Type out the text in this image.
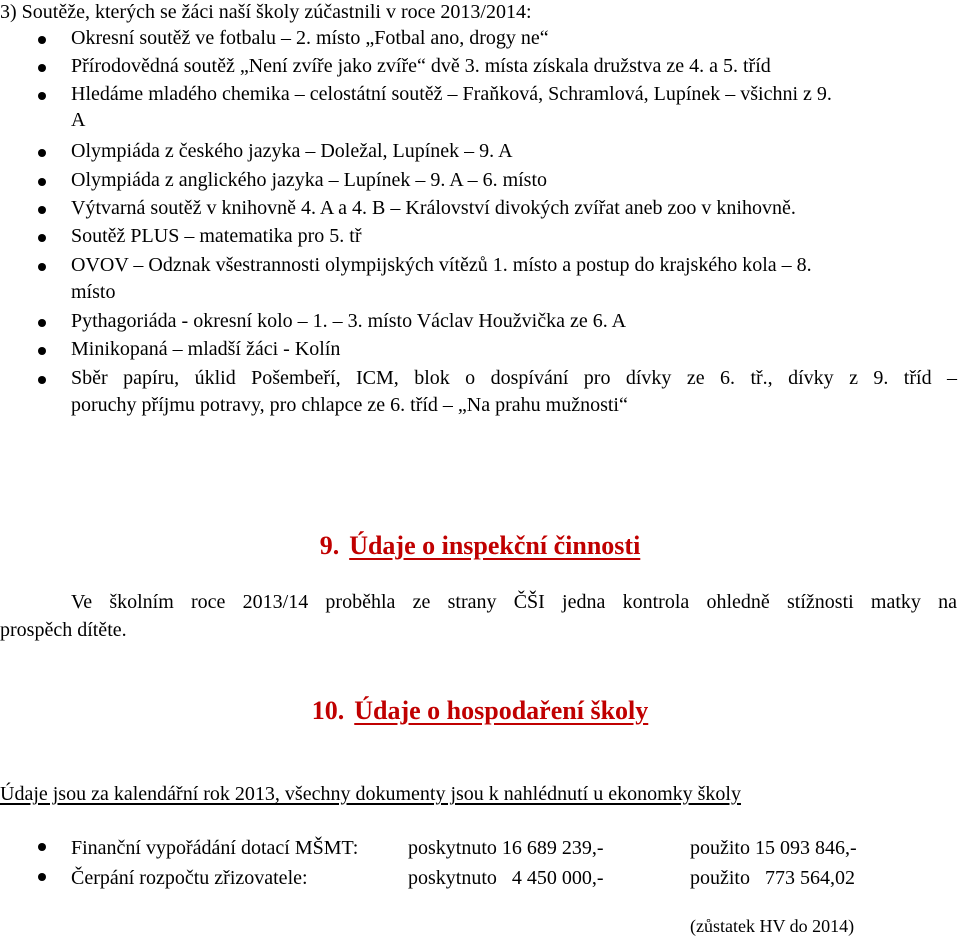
3) Soutěže, kterých se žáci naší školy zúčastnili v roce 2013/2014:
Okresní soutěž ve fotbalu – 2. místo „Fotbal ano, drogy ne“
Přírodovědná soutěž „Není zvíře jako zvíře“ dvě 3. místa získala družstva ze 4. a 5. tříd
Hledáme mladého chemika – celostátní soutěž – Fraňková, Schramlová, Lupínek – všichni z 9.
A
Olympiáda z českého jazyka – Doležal, Lupínek – 9. A
Olympiáda z anglického jazyka – Lupínek – 9. A – 6. místo
Výtvarná soutěž v knihovně 4. A a 4. B – Království divokých zvířat aneb zoo v knihovně.
Soutěž PLUS – matematika pro 5. tř
OVOV – Odznak všestrannosti olympijských vítězů 1. místo a postup do krajského kola – 8.
místo
Pythagoriáda - okresní kolo – 1. – 3. místo Václav Houžvička ze 6. A
Minikopaná – mladší žáci - Kolín
Sběr papíru, úklid Pošembeří, ICM, blok o dospívání pro dívky ze 6. tř., dívky z 9. tříd –
poruchy příjmu potravy, pro chlapce ze 6. tříd – „Na prahu mužnosti“
9. Údaje o inspekční činnosti
Ve školním roce 2013/14 proběhla ze strany ČŠI jedna kontrola ohledně stížnosti matky na
prospěch dítěte.
10. Údaje o hospodaření školy
Údaje jsou za kalendářní rok 2013, všechny dokumenty jsou k nahlédnutí u ekonomky školy
Finanční vypořádání dotací MŠMT: poskytnuto 16 689 239,-	použito 15 093 846,-
Čerpání rozpočtu zřizovatele:	poskytnuto   4 450 000,-	použito   773 564,02
(zůstatek HV do 2014)
